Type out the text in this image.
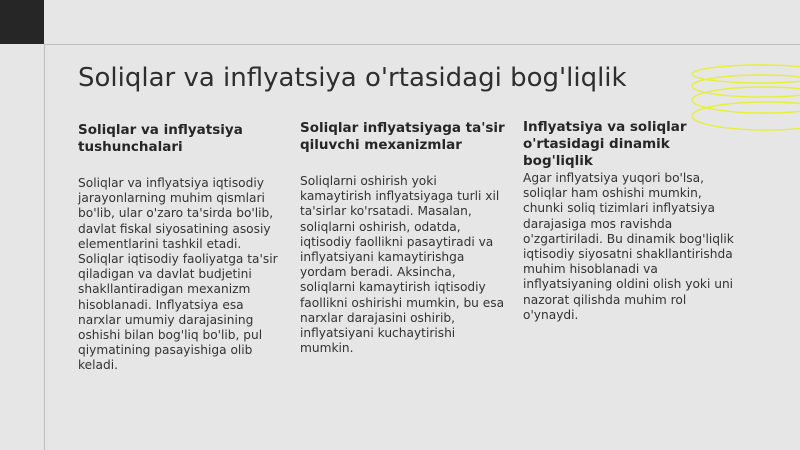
Soliqlar va inflyatsiya o'rtasidagi bog'liqlik
Soliqlar va inflyatsiya tushunchalari

Soliqlar va inflyatsiya iqtisodiy jarayonlarning muhim qismlari bo'lib, ular o'zaro ta'sirda bo'lib, davlat fiskal siyosatining asosiy elementlarini tashkil etadi. Soliqlar iqtisodiy faoliyatga ta'sir qiladigan va davlat budjetini shakllantiradigan mexanizm hisoblanadi. Inflyatsiya esa narxlar umumiy darajasining oshishi bilan bog'liq bo'lib, pul qiymatining pasayishiga olib keladi.

Soliqlar inflyatsiyaga ta'sir qiluvchi mexanizmlar

Soliqlarni oshirish yoki kamaytirish inflyatsiyaga turli xil ta'sirlar ko'rsatadi. Masalan, soliqlarni oshirish, odatda, iqtisodiy faollikni pasaytiradi va inflyatsiyani kamaytirishga yordam beradi. Aksincha, soliqlarni kamaytirish iqtisodiy faollikni oshirishi mumkin, bu esa narxlar darajasini oshirib, inflyatsiyani kuchaytirishi mumkin.

Inflyatsiya va soliqlar o'rtasidagi dinamik bog'liqlik

Agar inflyatsiya yuqori bo'lsa, soliqlar ham oshishi mumkin, chunki soliq tizimlari inflyatsiya darajasiga mos ravishda o'zgartiriladi. Bu dinamik bog'liqlik iqtisodiy siyosatni shakllantirishda muhim hisoblanadi va inflyatsiyaning oldini olish yoki uni nazorat qilishda muhim rol o'ynaydi.
